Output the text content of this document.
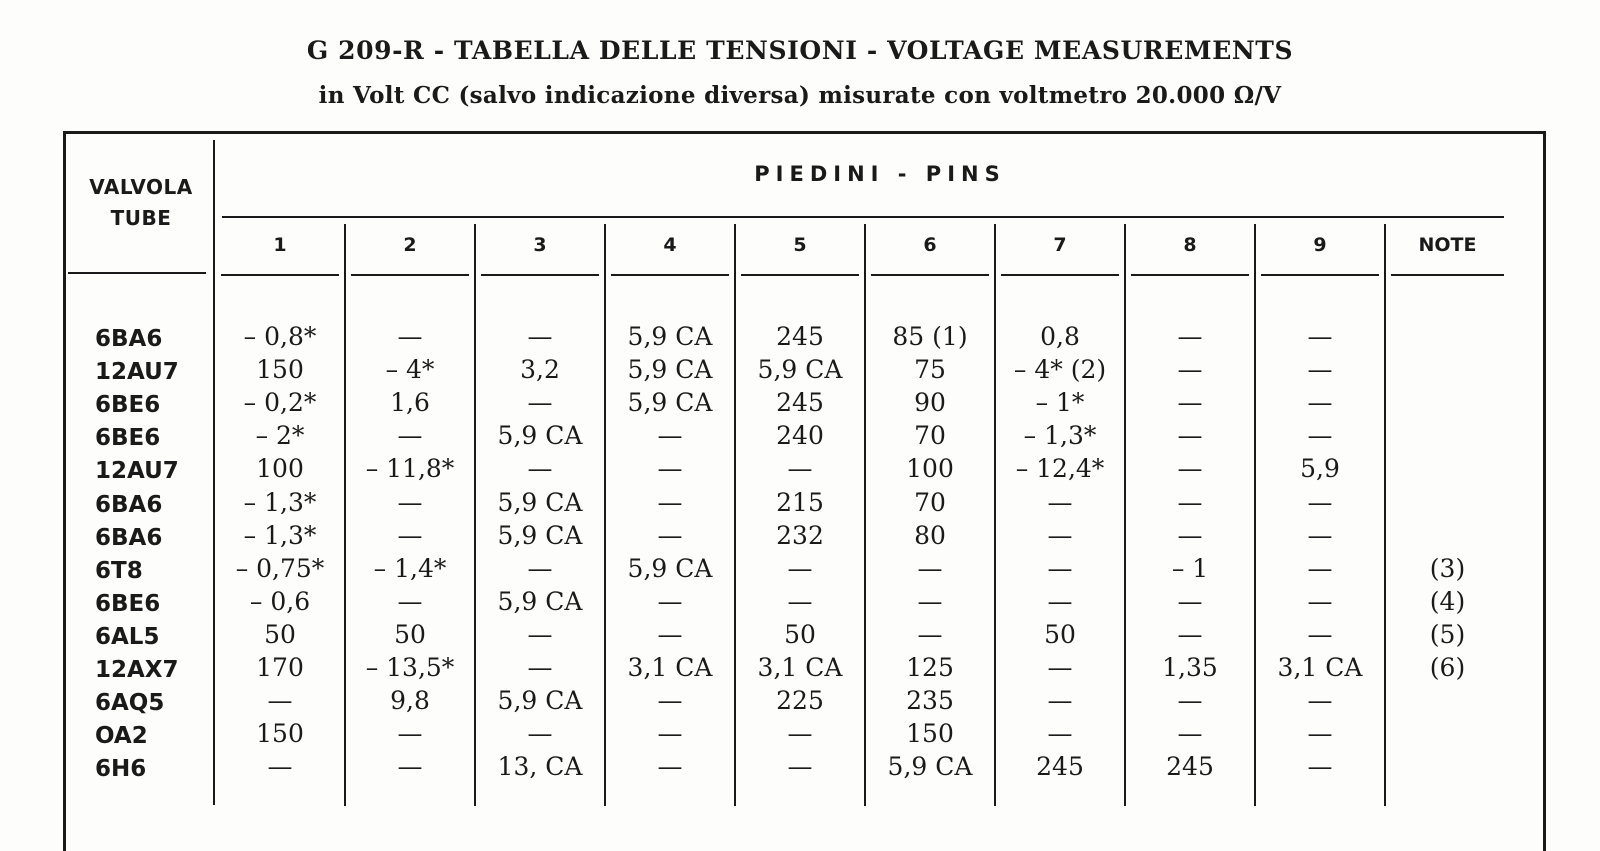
G 209-R - TABELLA DELLE TENSIONI - VOLTAGE MEASUREMENTS
in Volt CC (salvo indicazione diversa) misurate con voltmetro 20.000 Ω/V
VALVOLA
TUBE
PIEDINI - PINS
1	2	3	4	5	6	7	8	9	NOTE
6BA6	– 0,8*	—	—	5,9 CA	245	85 (1)	0,8	—	—
12AU7	150	– 4*	3,2	5,9 CA	5,9 CA	75	– 4* (2)	—	—
6BE6	– 0,2*	1,6	—	5,9 CA	245	90	– 1*	—	—
6BE6	– 2*	—	5,9 CA	—	240	70	– 1,3*	—	—
12AU7	100	– 11,8*	—	—	—	100	– 12,4*	—	5,9
6BA6	– 1,3*	—	5,9 CA	—	215	70	—	—	—
6BA6	– 1,3*	—	5,9 CA	—	232	80	—	—	—
6T8	– 0,75*	– 1,4*	—	5,9 CA	—	—	—	– 1	—	(3)
6BE6	– 0,6	—	5,9 CA	—	—	—	—	—	—	(4)
6AL5	50	50	—	—	50	—	50	—	—	(5)
12AX7	170	– 13,5*	—	3,1 CA	3,1 CA	125	—	1,35	3,1 CA	(6)
6AQ5	—	9,8	5,9 CA	—	225	235	—	—	—
OA2	150	—	—	—	—	150	—	—	—
6H6	—	—	13, CA	—	—	5,9 CA	245	245	—
